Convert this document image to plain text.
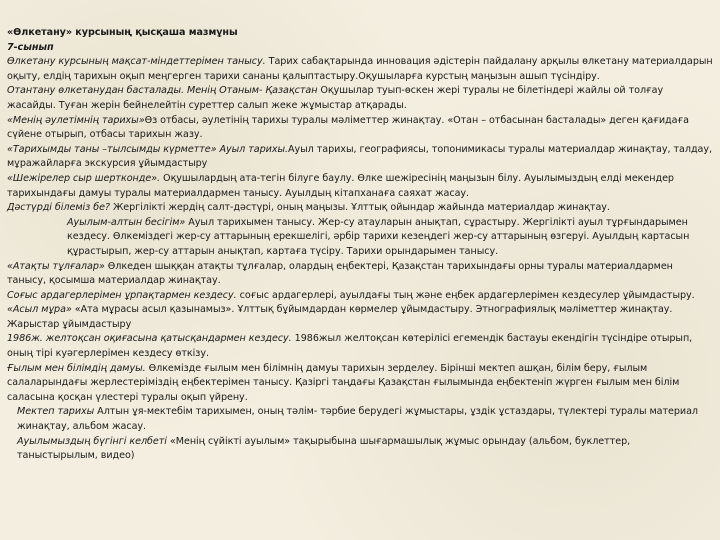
«Өлкетану» курсының қысқаша мазмұны

7-сынып

Өлкетану курсының мақсат-міндеттерімен танысу. Тарих сабақтарында инновация әдістерін пайдалану арқылы өлкетану материалдарын оқыту, елдің тарихын оқып меңгерген тарихи сананы қалыптастыру.Оқушыларға курстың маңызын ашып түсіндіру.

Отантану өлкетанудан басталады. Менің Отаным- Қазақстан Оқушылар туып-өскен жері туралы не білетіндері жайлы ой толғау жасайды. Туған жерін бейнелейтін суреттер салып жеке жұмыстар атқарады.

«Менің әулетімнің тарихы»Өз отбасы, әулетінің тарихы туралы мәліметтер жинақтау. «Отан – отбасынан басталады» деген қағидаға сүйене отырып, отбасы тарихын жазу.

«Тарихымды таны –тылсымды күрметте» Ауыл тарихы.Ауыл тарихы, географиясы, топонимикасы туралы материалдар жинақтау, талдау, мұражайларға экскурсия ұйымдастыру

«Шежірелер сыр шертконде». Оқушылардың ата-тегін білуге баулу. Өлке шежіресінің маңызын білу. Ауылымыздың елді мекендер тарихындағы дамуы туралы материалдармен танысу. Ауылдың кітапханаға саяхат жасау.

Дәстүрді білеміз бе? Жергілікті жердің салт-дәстүрі, оның маңызы. Ұлттық ойындар жайында материалдар жинақтау.

Ауылым-алтын бесігім» Ауыл тарихымен танысу. Жер-су атауларын анықтап, сұрастыру. Жергілікті ауыл тұрғындарымен кездесу. Өлкеміздегі жер-су аттарының ерекшелігі, әрбір тарихи кезеңдегі жер-су аттарының өзгеруі. Ауылдың картасын құрастырып, жер-су аттарын анықтап, картаға түсіру. Тарихи орындарымен танысу.

«Атақты тұлғалар» Өлкеден шыққан атақты тұлғалар, олардың еңбектері, Қазақстан тарихындағы орны туралы материалдармен танысу, қосымша материалдар жинақтау.

Соғыс ардагерлерімен ұрпақтармен кездесу. соғыс ардагерлері, ауылдағы тың және еңбек ардагерлерімен кездесулер ұйымдастыру.

«Асыл мұра» «Ата мұрасы асыл қазынамыз». Ұлттық бұйымдардан көрмелер ұйымдастыру. Этнографиялық мәліметтер жинақтау. Жарыстар ұйымдастыру

1986ж. желтоқсан оқиғасына қатысқандармен кездесу. 1986жыл желтоқсан көтерілісі егемендік бастауы екендігін түсіндіре отырып, оның тірі куәгерлерімен кездесу өткізу.

Ғылым мен білімдің дамуы. Өлкемізде ғылым мен білімнің дамуы тарихын зерделеу. Бірінші мектеп ашқан, білім беру, ғылым салаларындағы жерлестеріміздің еңбектерімен танысу. Қазіргі таңдағы Қазақстан ғылымында еңбектеніп жүрген ғылым мен білім саласына қосқан үлестері туралы оқып үйрену.

Мектеп тарихы Алтын ұя-мектебім тарихымен, оның тәлім- тәрбие берудегі жұмыстары, ұздік ұстаздары, түлектері туралы материал жинақтау, альбом жасау.

Ауылымыздың бүгінгі келбеті «Менің сүйікті ауылым» тақырыбына шығармашылық жұмыс орындау (альбом, буклеттер, таныстырылым, видео)
